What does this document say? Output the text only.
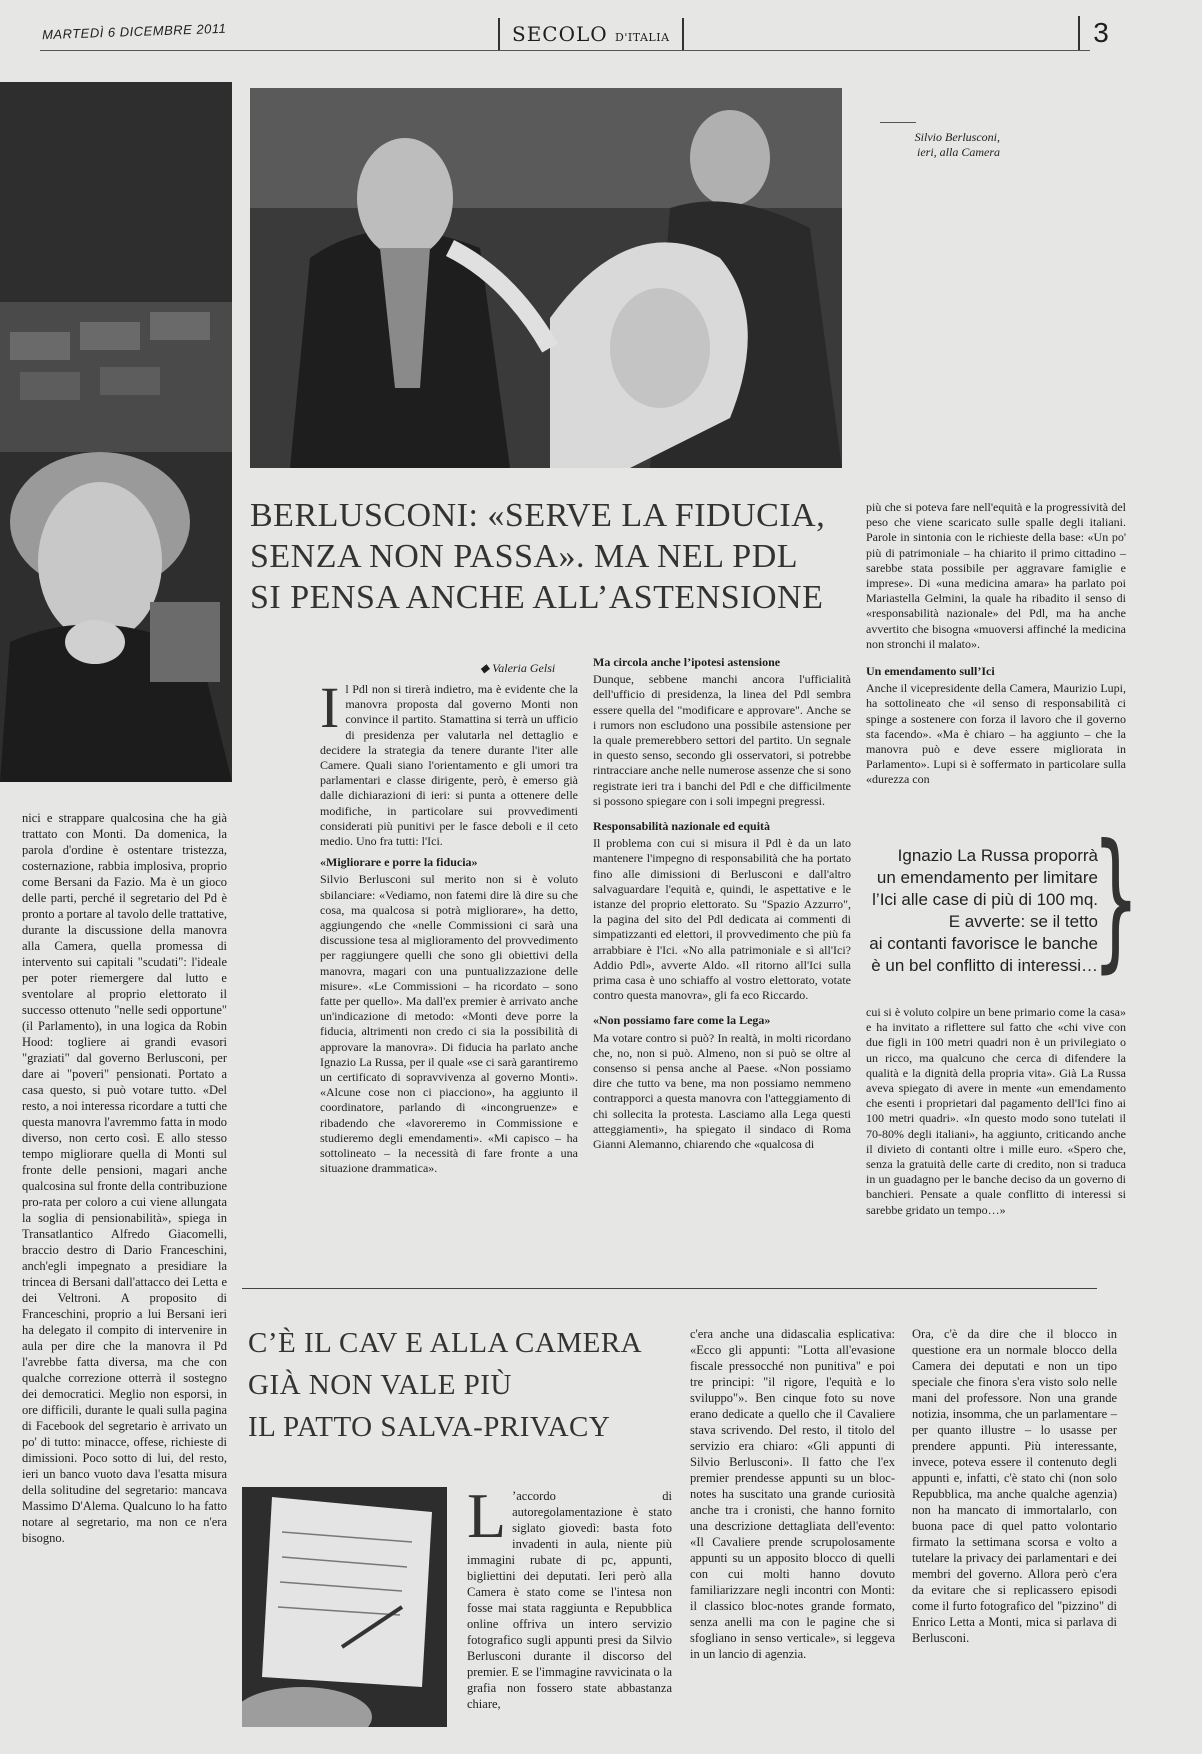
MARTEDÌ 6 DICEMBRE 2011	SECOLO D'ITALIA	3
Silvio Berlusconi,
ieri, alla Camera
BERLUSCONI: «SERVE LA FIDUCIA,
SENZA NON PASSA». MA NEL PDL
SI PENSA ANCHE ALL’ASTENSIONE
◆ Valeria Gelsi

Il Pdl non si tirerà indietro, ma è evidente che la manovra proposta dal governo Monti non convince il partito. Stamattina si terrà un ufficio di presidenza per valutarla nel dettaglio e decidere la strategia da tenere durante l'iter alle Camere. Quali siano l'orientamento e gli umori tra parlamentari e classe dirigente, però, è emerso già dalle dichiarazioni di ieri: si punta a ottenere delle modifiche, in particolare sui provvedimenti considerati più punitivi per le fasce deboli e il ceto medio. Uno fra tutti: l'Ici.

«Migliorare e porre la fiducia»

Silvio Berlusconi sul merito non si è voluto sbilanciare: «Vediamo, non fatemi dire là dire su che cosa, ma qualcosa si potrà migliorare», ha detto, aggiungendo che «nelle Commissioni ci sarà una discussione tesa al miglioramento del provvedimento per raggiungere quelli che sono gli obiettivi della manovra, magari con una puntualizzazione delle misure». «Le Commissioni – ha ricordato – sono fatte per quello». Ma dall'ex premier è arrivato anche un'indicazione di metodo: «Monti deve porre la fiducia, altrimenti non credo ci sia la possibilità di approvare la manovra». Di fiducia ha parlato anche Ignazio La Russa, per il quale «se ci sarà garantiremo un certificato di sopravvivenza al governo Monti». «Alcune cose non ci piacciono», ha aggiunto il coordinatore, parlando di «incongruenze» e ribadendo che «lavoreremo in Commissione e studieremo degli emendamenti». «Mi capisco – ha sottolineato – la necessità di fare fronte a una situazione drammatica».

Ma circola anche l’ipotesi astensione

Dunque, sebbene manchi ancora l'ufficialità dell'ufficio di presidenza, la linea del Pdl sembra essere quella del "modificare e approvare". Anche se i rumors non escludono una possibile astensione per la quale premerebbero settori del partito. Un segnale in questo senso, secondo gli osservatori, si potrebbe rintracciare anche nelle numerose assenze che si sono registrate ieri tra i banchi del Pdl e che difficilmente si possono spiegare con i soli impegni pregressi.

Responsabilità nazionale ed equità

Il problema con cui si misura il Pdl è da un lato mantenere l'impegno di responsabilità che ha portato fino alle dimissioni di Berlusconi e dall'altro salvaguardare l'equità e, quindi, le aspettative e le istanze del proprio elettorato. Su "Spazio Azzurro", la pagina del sito del Pdl dedicata ai commenti di simpatizzanti ed elettori, il provvedimento che più fa arrabbiare è l'Ici. «No alla patrimoniale e sì all'Ici? Addio Pdl», avverte Aldo. «Il ritorno all'Ici sulla prima casa è uno schiaffo al vostro elettorato, votate contro questa manovra», gli fa eco Riccardo.

«Non possiamo fare come la Lega»

Ma votare contro si può? In realtà, in molti ricordano che, no, non si può. Almeno, non si può se oltre al consenso si pensa anche al Paese. «Non possiamo dire che tutto va bene, ma non possiamo nemmeno contrapporci a questa manovra con l'atteggiamento di chi sollecita la protesta. Lasciamo alla Lega questi atteggiamenti», ha spiegato il sindaco di Roma Gianni Alemanno, chiarendo che «qualcosa di

più che si poteva fare nell'equità e la progressività del peso che viene scaricato sulle spalle degli italiani. Parole in sintonia con le richieste della base: «Un po' più di patrimoniale – ha chiarito il primo cittadino – sarebbe stata possibile per aggravare famiglie e imprese». Di «una medicina amara» ha parlato poi Mariastella Gelmini, la quale ha ribadito il senso di «responsabilità nazionale» del Pdl, ma ha anche avvertito che bisogna «muoversi affinché la medicina non stronchi il malato».

Un emendamento sull’Ici

Anche il vicepresidente della Camera, Maurizio Lupi, ha sottolineato che «il senso di responsabilità ci spinge a sostenere con forza il lavoro che il governo sta facendo». «Ma è chiaro – ha aggiunto – che la manovra può e deve essere migliorata in Parlamento». Lupi si è soffermato in particolare sulla «durezza con

Ignazio La Russa proporrà
un emendamento per limitare
l’Ici alle case di più di 100 mq.
E avverte: se il tetto
ai contanti favorisce le banche
è un bel conflitto di interessi…
}

cui si è voluto colpire un bene primario come la casa» e ha invitato a riflettere sul fatto che «chi vive con due figli in 100 metri quadri non è un privilegiato o un ricco, ma qualcuno che cerca di difendere la qualità e la dignità della propria vita». Già La Russa aveva spiegato di avere in mente «un emendamento che esenti i proprietari dal pagamento dell'Ici fino ai 100 metri quadri». «In questo modo sono tutelati il 70-80% degli italiani», ha aggiunto, criticando anche il divieto di contanti oltre i mille euro. «Spero che, senza la gratuità delle carte di credito, non si traduca in un guadagno per le banche deciso da un governo di banchieri. Pensate a quale conflitto di interessi si sarebbe gridato un tempo…»

nici e strappare qualcosina che ha già trattato con Monti. Da domenica, la parola d'ordine è ostentare tristezza, costernazione, rabbia implosiva, proprio come Bersani da Fazio. Ma è un gioco delle parti, perché il segretario del Pd è pronto a portare al tavolo delle trattative, durante la discussione della manovra alla Camera, quella promessa di intervento sui capitali "scudati": l'ideale per poter riemergere dal lutto e sventolare al proprio elettorato il successo ottenuto "nelle sedi opportune" (il Parlamento), in una logica da Robin Hood: togliere ai grandi evasori "graziati" dal governo Berlusconi, per dare ai "poveri" pensionati. Portato a casa questo, si può votare tutto. «Del resto, a noi interessa ricordare a tutti che questa manovra l'avremmo fatta in modo diverso, non certo così. E allo stesso tempo migliorare quella di Monti sul fronte delle pensioni, magari anche qualcosina sul fronte della contribuzione pro-rata per coloro a cui viene allungata la soglia di pensionabilità», spiega in Transatlantico Alfredo Giacomelli, braccio destro di Dario Franceschini, anch'egli impegnato a presidiare la trincea di Bersani dall'attacco dei Letta e dei Veltroni. A proposito di Franceschini, proprio a lui Bersani ieri ha delegato il compito di intervenire in aula per dire che la manovra il Pd l'avrebbe fatta diversa, ma che con qualche correzione otterrà il sostegno dei democratici. Meglio non esporsi, in ore difficili, durante le quali sulla pagina di Facebook del segretario è arrivato un po' di tutto: minacce, offese, richieste di dimissioni. Poco sotto di lui, del resto, ieri un banco vuoto dava l'esatta misura della solitudine del segretario: mancava Massimo D'Alema. Qualcuno lo ha fatto notare al segretario, ma non ce n'era bisogno.

C’È IL CAV E ALLA CAMERA
GIÀ NON VALE PIÙ
IL PATTO SALVA-PRIVACY

L ’accordo di autoregolamentazione è stato siglato giovedì: basta foto invadenti in aula, niente più immagini rubate di pc, appunti, bigliettini dei deputati. Ieri però alla Camera è stato come se l'intesa non fosse mai stata raggiunta e Repubblica online offriva un intero servizio fotografico sugli appunti presi da Silvio Berlusconi durante il discorso del premier. E se l'immagine ravvicinata o la grafia non fossero state abbastanza chiare,

c'era anche una didascalia esplicativa: «Ecco gli appunti: "Lotta all'evasione fiscale pressocché non punitiva" e poi tre principi: "il rigore, l'equità e lo sviluppo"». Ben cinque foto su nove erano dedicate a quello che il Cavaliere stava scrivendo. Del resto, il titolo del servizio era chiaro: «Gli appunti di Silvio Berlusconi». Il fatto che l'ex premier prendesse appunti su un bloc-notes ha suscitato una grande curiosità anche tra i cronisti, che hanno fornito una descrizione dettagliata dell'evento: «Il Cavaliere prende scrupolosamente appunti su un apposito blocco di quelli con cui molti hanno dovuto familiarizzare negli incontri con Monti: il classico bloc-notes grande formato, senza anelli ma con le pagine che si sfogliano in senso verticale», si leggeva in un lancio di agenzia.

Ora, c'è da dire che il blocco in questione era un normale blocco della Camera dei deputati e non un tipo speciale che finora s'era visto solo nelle mani del professore. Non una grande notizia, insomma, che un parlamentare – per quanto illustre – lo usasse per prendere appunti. Più interessante, invece, poteva essere il contenuto degli appunti e, infatti, c'è stato chi (non solo Repubblica, ma anche qualche agenzia) non ha mancato di immortalarlo, con buona pace di quel patto volontario firmato la settimana scorsa e volto a tutelare la privacy dei parlamentari e dei membri del governo. Allora però c'era da evitare che si replicassero episodi come il furto fotografico del "pizzino" di Enrico Letta a Monti, mica si parlava di Berlusconi.
